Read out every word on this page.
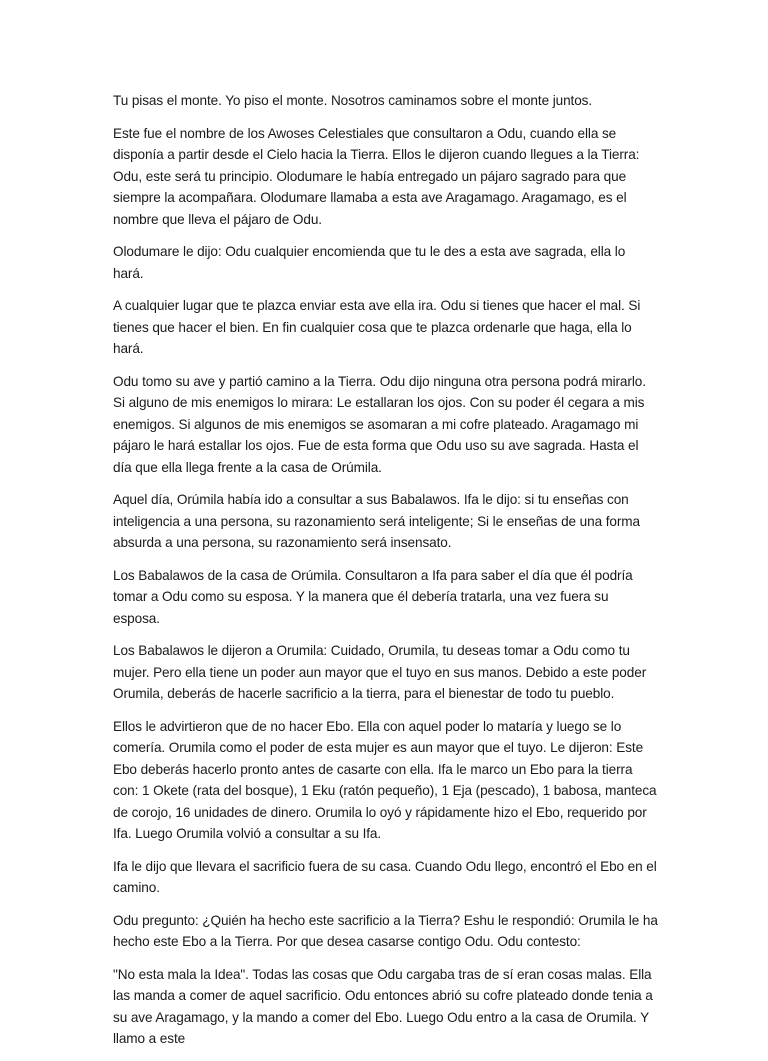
Tu pisas el monte. Yo piso el monte. Nosotros caminamos sobre el monte juntos.

Este fue el nombre de los Awoses Celestiales que consultaron a Odu, cuando ella se disponía a partir desde el Cielo hacia la Tierra. Ellos le dijeron cuando llegues a la Tierra: Odu, este será tu principio. Olodumare le había entregado un pájaro sagrado para que siempre la acompañara. Olodumare llamaba a esta ave Aragamago. Aragamago, es el nombre que lleva el pájaro de Odu.

Olodumare le dijo: Odu cualquier encomienda que tu le des a esta ave sagrada, ella lo hará.

A cualquier lugar que te plazca enviar esta ave ella ira. Odu si tienes que hacer el mal. Si tienes que hacer el bien. En fin cualquier cosa que te plazca ordenarle que haga, ella lo hará.

Odu tomo su ave y partió camino a la Tierra. Odu dijo ninguna otra persona podrá mirarlo. Si alguno de mis enemigos lo mirara: Le estallaran los ojos. Con su poder él cegara a mis enemigos. Si algunos de mis enemigos se asomaran a mi cofre plateado. Aragamago mi pájaro le hará estallar los ojos. Fue de esta forma que Odu uso su ave sagrada. Hasta el día que ella llega frente a la casa de Orúmila.

Aquel día, Orúmila había ido a consultar a sus Babalawos. Ifa le dijo: si tu enseñas con inteligencia a una persona, su razonamiento será inteligente; Si le enseñas de una forma absurda a una persona, su razonamiento será insensato.

Los Babalawos de la casa de Orúmila. Consultaron a Ifa para saber el día que él podría tomar a Odu como su esposa. Y la manera que él debería tratarla, una vez fuera su esposa.

Los Babalawos le dijeron a Orumila: Cuidado, Orumila, tu deseas tomar a Odu como tu mujer. Pero ella tiene un poder aun mayor que el tuyo en sus manos. Debido a este poder Orumila, deberás de hacerle sacrificio a la tierra, para el bienestar de todo tu pueblo.

Ellos le advirtieron que de no hacer Ebo. Ella con aquel poder lo mataría y luego se lo comería. Orumila como el poder de esta mujer es aun mayor que el tuyo. Le dijeron: Este Ebo deberás hacerlo pronto antes de casarte con ella. Ifa le marco un Ebo para la tierra con: 1 Okete (rata del bosque), 1 Eku (ratón pequeño), 1 Eja (pescado), 1 babosa, manteca de corojo, 16 unidades de dinero. Orumila lo oyó y rápidamente hizo el Ebo, requerido por Ifa. Luego Orumila volvió a consultar a su Ifa.

Ifa le dijo que llevara el sacrificio fuera de su casa. Cuando Odu llego, encontró el Ebo en el camino.

Odu pregunto: ¿Quién ha hecho este sacrificio a la Tierra? Eshu le respondió: Orumila le ha hecho este Ebo a la Tierra. Por que desea casarse contigo Odu. Odu contesto:

"No esta mala la Idea". Todas las cosas que Odu cargaba tras de sí eran cosas malas. Ella las manda a comer de aquel sacrificio. Odu entonces abrió su cofre plateado donde tenia a su ave Aragamago, y la mando a comer del Ebo. Luego Odu entro a la casa de Orumila. Y llamo a este
